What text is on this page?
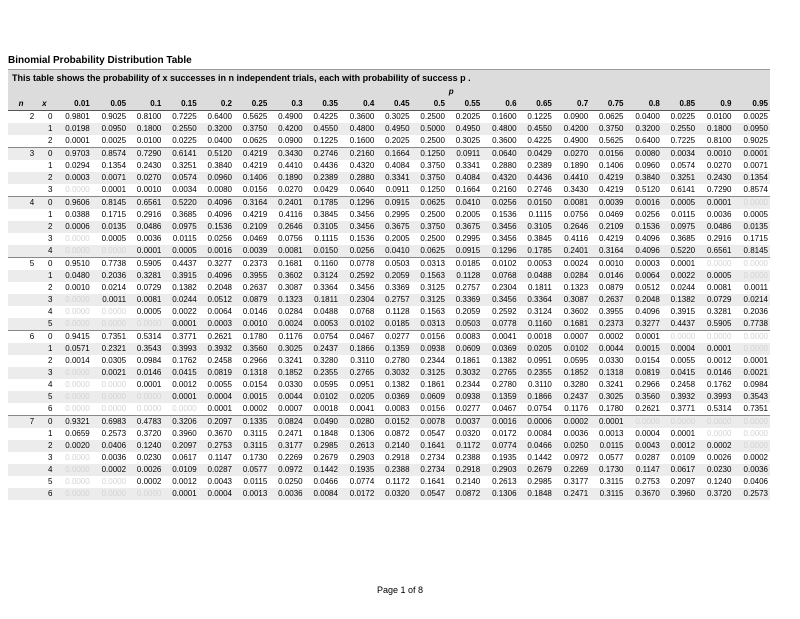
Binomial Probability Distribution Table
This table shows the probability of x successes in n independent trials, each with probability of success p .
		p																			
n	x	0.01	0.05	0.1	0.15	0.2	0.25	0.3	0.35	0.4	0.45	0.5	0.55	0.6	0.65	0.7	0.75	0.8	0.85	0.9	0.95
2	0	0.9801	0.9025	0.8100	0.7225	0.6400	0.5625	0.4900	0.4225	0.3600	0.3025	0.2500	0.2025	0.1600	0.1225	0.0900	0.0625	0.0400	0.0225	0.0100	0.0025
	1	0.0198	0.0950	0.1800	0.2550	0.3200	0.3750	0.4200	0.4550	0.4800	0.4950	0.5000	0.4950	0.4800	0.4550	0.4200	0.3750	0.3200	0.2550	0.1800	0.0950
	2	0.0001	0.0025	0.0100	0.0225	0.0400	0.0625	0.0900	0.1225	0.1600	0.2025	0.2500	0.3025	0.3600	0.4225	0.4900	0.5625	0.6400	0.7225	0.8100	0.9025
3	0	0.9703	0.8574	0.7290	0.6141	0.5120	0.4219	0.3430	0.2746	0.2160	0.1664	0.1250	0.0911	0.0640	0.0429	0.0270	0.0156	0.0080	0.0034	0.0010	0.0001
	1	0.0294	0.1354	0.2430	0.3251	0.3840	0.4219	0.4410	0.4436	0.4320	0.4084	0.3750	0.3341	0.2880	0.2389	0.1890	0.1406	0.0960	0.0574	0.0270	0.0071
	2	0.0003	0.0071	0.0270	0.0574	0.0960	0.1406	0.1890	0.2389	0.2880	0.3341	0.3750	0.4084	0.4320	0.4436	0.4410	0.4219	0.3840	0.3251	0.2430	0.1354
	3	0.0000	0.0001	0.0010	0.0034	0.0080	0.0156	0.0270	0.0429	0.0640	0.0911	0.1250	0.1664	0.2160	0.2746	0.3430	0.4219	0.5120	0.6141	0.7290	0.8574
4	0	0.9606	0.8145	0.6561	0.5220	0.4096	0.3164	0.2401	0.1785	0.1296	0.0915	0.0625	0.0410	0.0256	0.0150	0.0081	0.0039	0.0016	0.0005	0.0001	0.0000
	1	0.0388	0.1715	0.2916	0.3685	0.4096	0.4219	0.4116	0.3845	0.3456	0.2995	0.2500	0.2005	0.1536	0.1115	0.0756	0.0469	0.0256	0.0115	0.0036	0.0005
	2	0.0006	0.0135	0.0486	0.0975	0.1536	0.2109	0.2646	0.3105	0.3456	0.3675	0.3750	0.3675	0.3456	0.3105	0.2646	0.2109	0.1536	0.0975	0.0486	0.0135
	3	0.0000	0.0005	0.0036	0.0115	0.0256	0.0469	0.0756	0.1115	0.1536	0.2005	0.2500	0.2995	0.3456	0.3845	0.4116	0.4219	0.4096	0.3685	0.2916	0.1715
	4	0.0000	0.0000	0.0001	0.0005	0.0016	0.0039	0.0081	0.0150	0.0256	0.0410	0.0625	0.0915	0.1296	0.1785	0.2401	0.3164	0.4096	0.5220	0.6561	0.8145
5	0	0.9510	0.7738	0.5905	0.4437	0.3277	0.2373	0.1681	0.1160	0.0778	0.0503	0.0313	0.0185	0.0102	0.0053	0.0024	0.0010	0.0003	0.0001	0.0000	0.0000
	1	0.0480	0.2036	0.3281	0.3915	0.4096	0.3955	0.3602	0.3124	0.2592	0.2059	0.1563	0.1128	0.0768	0.0488	0.0284	0.0146	0.0064	0.0022	0.0005	0.0000
	2	0.0010	0.0214	0.0729	0.1382	0.2048	0.2637	0.3087	0.3364	0.3456	0.3369	0.3125	0.2757	0.2304	0.1811	0.1323	0.0879	0.0512	0.0244	0.0081	0.0011
	3	0.0000	0.0011	0.0081	0.0244	0.0512	0.0879	0.1323	0.1811	0.2304	0.2757	0.3125	0.3369	0.3456	0.3364	0.3087	0.2637	0.2048	0.1382	0.0729	0.0214
	4	0.0000	0.0000	0.0005	0.0022	0.0064	0.0146	0.0284	0.0488	0.0768	0.1128	0.1563	0.2059	0.2592	0.3124	0.3602	0.3955	0.4096	0.3915	0.3281	0.2036
	5	0.0000	0.0000	0.0000	0.0001	0.0003	0.0010	0.0024	0.0053	0.0102	0.0185	0.0313	0.0503	0.0778	0.1160	0.1681	0.2373	0.3277	0.4437	0.5905	0.7738
6	0	0.9415	0.7351	0.5314	0.3771	0.2621	0.1780	0.1176	0.0754	0.0467	0.0277	0.0156	0.0083	0.0041	0.0018	0.0007	0.0002	0.0001	0.0000	0.0000	0.0000
	1	0.0571	0.2321	0.3543	0.3993	0.3932	0.3560	0.3025	0.2437	0.1866	0.1359	0.0938	0.0609	0.0369	0.0205	0.0102	0.0044	0.0015	0.0004	0.0001	0.0000
	2	0.0014	0.0305	0.0984	0.1762	0.2458	0.2966	0.3241	0.3280	0.3110	0.2780	0.2344	0.1861	0.1382	0.0951	0.0595	0.0330	0.0154	0.0055	0.0012	0.0001
	3	0.0000	0.0021	0.0146	0.0415	0.0819	0.1318	0.1852	0.2355	0.2765	0.3032	0.3125	0.3032	0.2765	0.2355	0.1852	0.1318	0.0819	0.0415	0.0146	0.0021
	4	0.0000	0.0000	0.0001	0.0012	0.0055	0.0154	0.0330	0.0595	0.0951	0.1382	0.1861	0.2344	0.2780	0.3110	0.3280	0.3241	0.2966	0.2458	0.1762	0.0984
	5	0.0000	0.0000	0.0000	0.0001	0.0004	0.0015	0.0044	0.0102	0.0205	0.0369	0.0609	0.0938	0.1359	0.1866	0.2437	0.3025	0.3560	0.3932	0.3993	0.3543
	6	0.0000	0.0000	0.0000	0.0000	0.0001	0.0002	0.0007	0.0018	0.0041	0.0083	0.0156	0.0277	0.0467	0.0754	0.1176	0.1780	0.2621	0.3771	0.5314	0.7351
7	0	0.9321	0.6983	0.4783	0.3206	0.2097	0.1335	0.0824	0.0490	0.0280	0.0152	0.0078	0.0037	0.0016	0.0006	0.0002	0.0001	0.0000	0.0000	0.0000	0.0000
	1	0.0659	0.2573	0.3720	0.3960	0.3670	0.3115	0.2471	0.1848	0.1306	0.0872	0.0547	0.0320	0.0172	0.0084	0.0036	0.0013	0.0004	0.0001	0.0000	0.0000
	2	0.0020	0.0406	0.1240	0.2097	0.2753	0.3115	0.3177	0.2985	0.2613	0.2140	0.1641	0.1172	0.0774	0.0466	0.0250	0.0115	0.0043	0.0012	0.0002	0.0000
	3	0.0000	0.0036	0.0230	0.0617	0.1147	0.1730	0.2269	0.2679	0.2903	0.2918	0.2734	0.2388	0.1935	0.1442	0.0972	0.0577	0.0287	0.0109	0.0026	0.0002
	4	0.0000	0.0002	0.0026	0.0109	0.0287	0.0577	0.0972	0.1442	0.1935	0.2388	0.2734	0.2918	0.2903	0.2679	0.2269	0.1730	0.1147	0.0617	0.0230	0.0036
	5	0.0000	0.0000	0.0002	0.0012	0.0043	0.0115	0.0250	0.0466	0.0774	0.1172	0.1641	0.2140	0.2613	0.2985	0.3177	0.3115	0.2753	0.2097	0.1240	0.0406
	6	0.0000	0.0000	0.0000	0.0001	0.0004	0.0013	0.0036	0.0084	0.0172	0.0320	0.0547	0.0872	0.1306	0.1848	0.2471	0.3115	0.3670	0.3960	0.3720	0.2573
Page 1 of 8
